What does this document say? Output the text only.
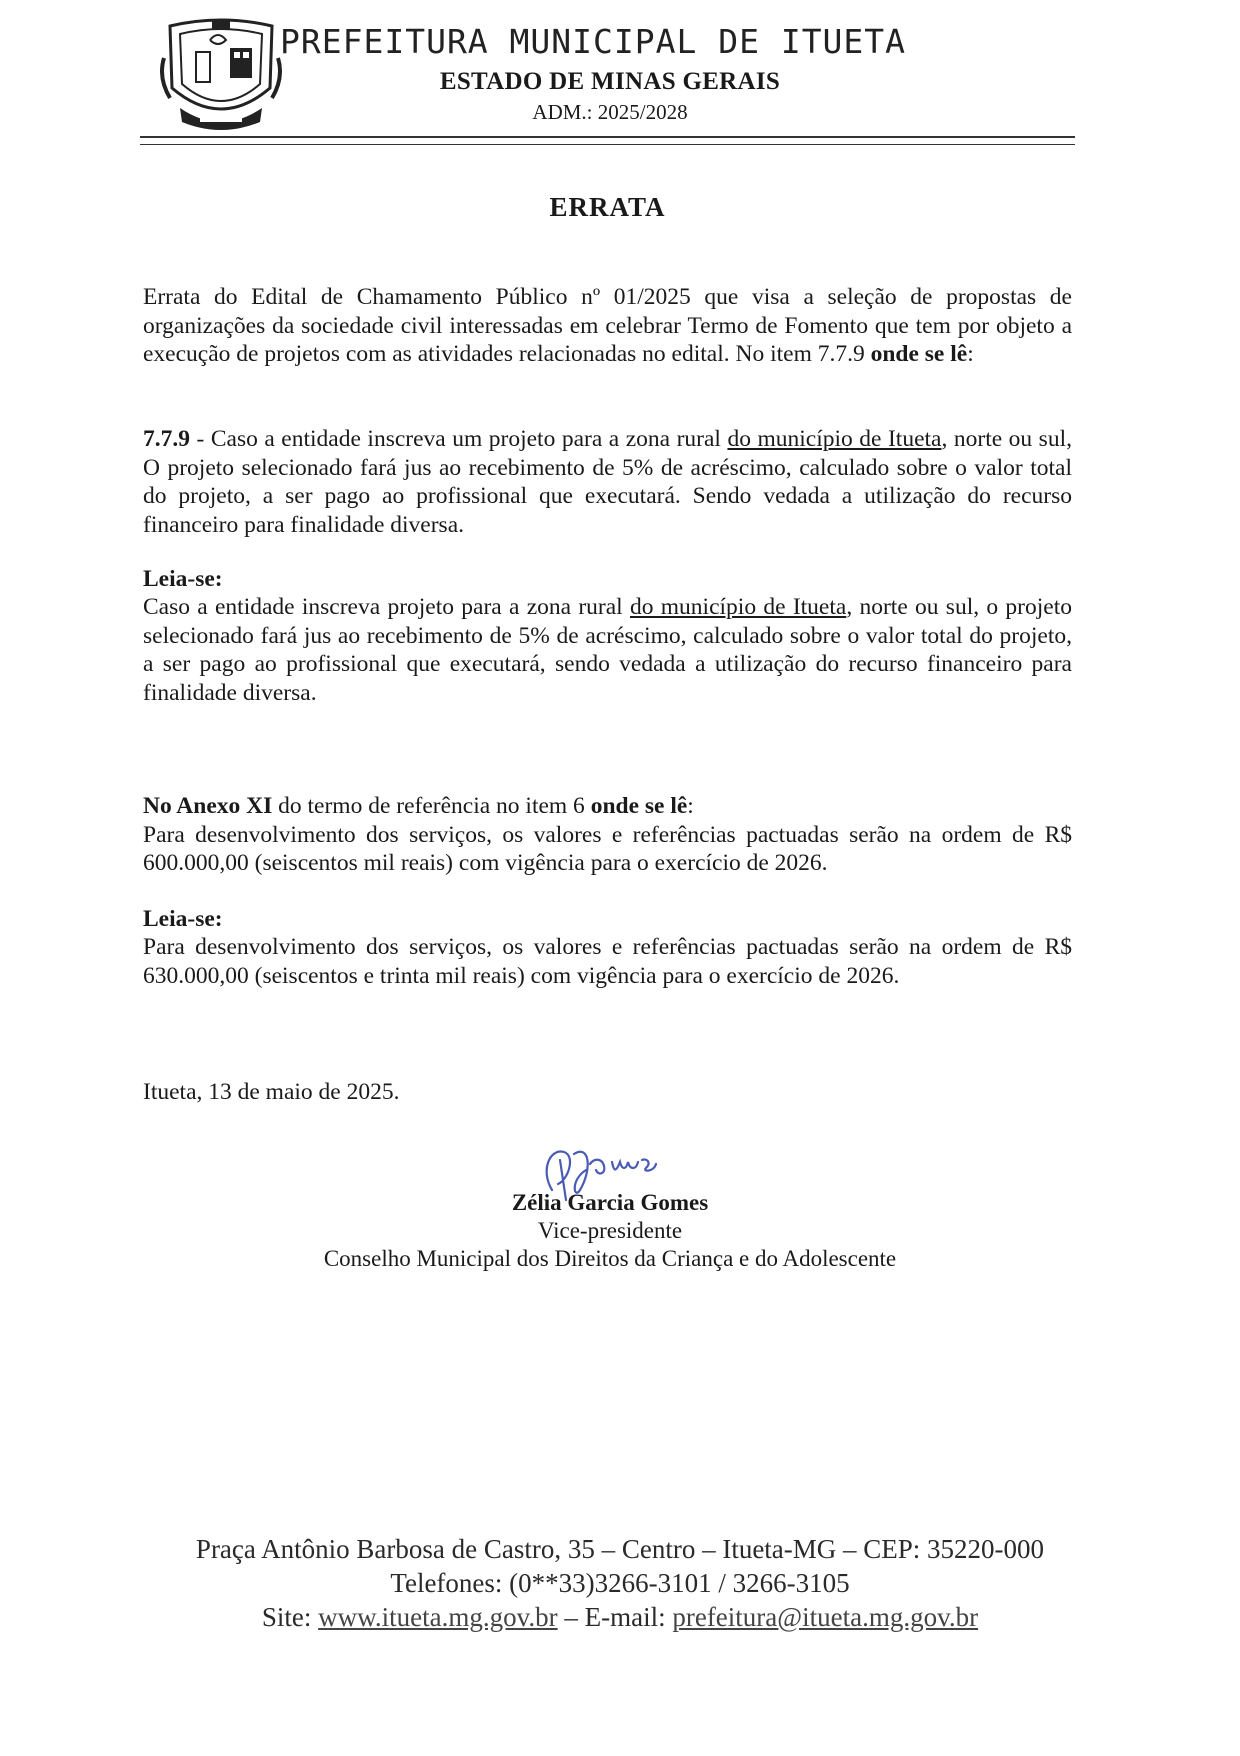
PREFEITURA MUNICIPAL DE ITUETA
ESTADO DE MINAS GERAIS
ADM.: 2025/2028
ERRATA
Errata do Edital de Chamamento Público nº 01/2025 que visa a seleção de propostas de organizações da sociedade civil interessadas em celebrar Termo de Fomento que tem por objeto a execução de projetos com as atividades relacionadas no edital. No item 7.7.9 onde se lê:
7.7.9 - Caso a entidade inscreva um projeto para a zona rural do município de Itueta, norte ou sul, O projeto selecionado fará jus ao recebimento de 5% de acréscimo, calculado sobre o valor total do projeto, a ser pago ao profissional que executará. Sendo vedada a utilização do recurso financeiro para finalidade diversa.
Leia-se:
Caso a entidade inscreva projeto para a zona rural do município de Itueta, norte ou sul, o projeto selecionado fará jus ao recebimento de 5% de acréscimo, calculado sobre o valor total do projeto, a ser pago ao profissional que executará, sendo vedada a utilização do recurso financeiro para finalidade diversa.
No Anexo XI do termo de referência no item 6 onde se lê:
Para desenvolvimento dos serviços, os valores e referências pactuadas serão na ordem de R$ 600.000,00 (seiscentos mil reais) com vigência para o exercício de 2026.
Leia-se:
Para desenvolvimento dos serviços, os valores e referências pactuadas serão na ordem de R$ 630.000,00 (seiscentos e trinta mil reais) com vigência para o exercício de 2026.
Itueta, 13 de maio de 2025.
Zélia Garcia Gomes
Vice-presidente
Conselho Municipal dos Direitos da Criança e do Adolescente
Praça Antônio Barbosa de Castro, 35 – Centro – Itueta-MG – CEP: 35220-000
Telefones: (0**33)3266-3101 / 3266-3105
Site: www.itueta.mg.gov.br – E-mail: prefeitura@itueta.mg.gov.br
